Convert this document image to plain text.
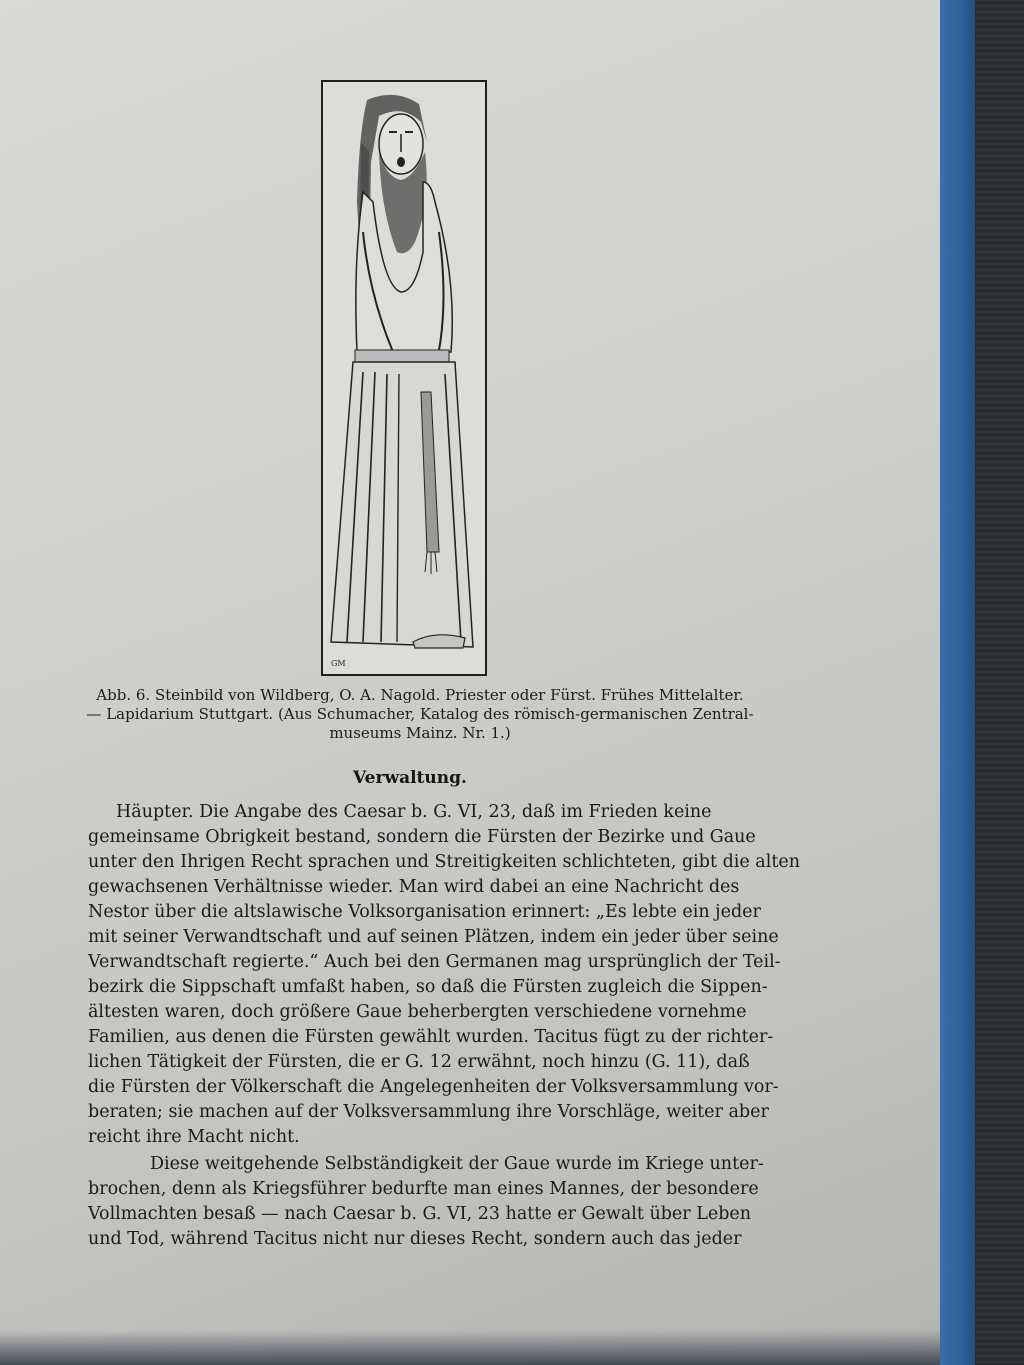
GM
Abb. 6. Steinbild von Wildberg, O. A. Nagold. Priester oder Fürst. Frühes Mittelalter.
— Lapidarium Stuttgart. (Aus Schumacher, Katalog des römisch-germanischen Zentral-
museums Mainz. Nr. 1.)
Verwaltung.
Häupter. Die Angabe des Caesar b. G. VI, 23, daß im Frieden keine
gemeinsame Obrigkeit bestand, sondern die Fürsten der Bezirke und Gaue
unter den Ihrigen Recht sprachen und Streitigkeiten schlichteten, gibt die alten
gewachsenen Verhältnisse wieder. Man wird dabei an eine Nachricht des
Nestor über die altslawische Volksorganisation erinnert: „Es lebte ein jeder
mit seiner Verwandtschaft und auf seinen Plätzen, indem ein jeder über seine
Verwandtschaft regierte.“ Auch bei den Germanen mag ursprünglich der Teil-
bezirk die Sippschaft umfaßt haben, so daß die Fürsten zugleich die Sippen-
ältesten waren, doch größere Gaue beherbergten verschiedene vornehme
Familien, aus denen die Fürsten gewählt wurden. Tacitus fügt zu der richter-
lichen Tätigkeit der Fürsten, die er G. 12 erwähnt, noch hinzu (G. 11), daß
die Fürsten der Völkerschaft die Angelegenheiten der Volksversammlung vor-
beraten; sie machen auf der Volksversammlung ihre Vorschläge, weiter aber
reicht ihre Macht nicht.
Diese weitgehende Selbständigkeit der Gaue wurde im Kriege unter-
brochen, denn als Kriegsführer bedurfte man eines Mannes, der besondere
Vollmachten besaß — nach Caesar b. G. VI, 23 hatte er Gewalt über Leben
und Tod, während Tacitus nicht nur dieses Recht, sondern auch das jeder
